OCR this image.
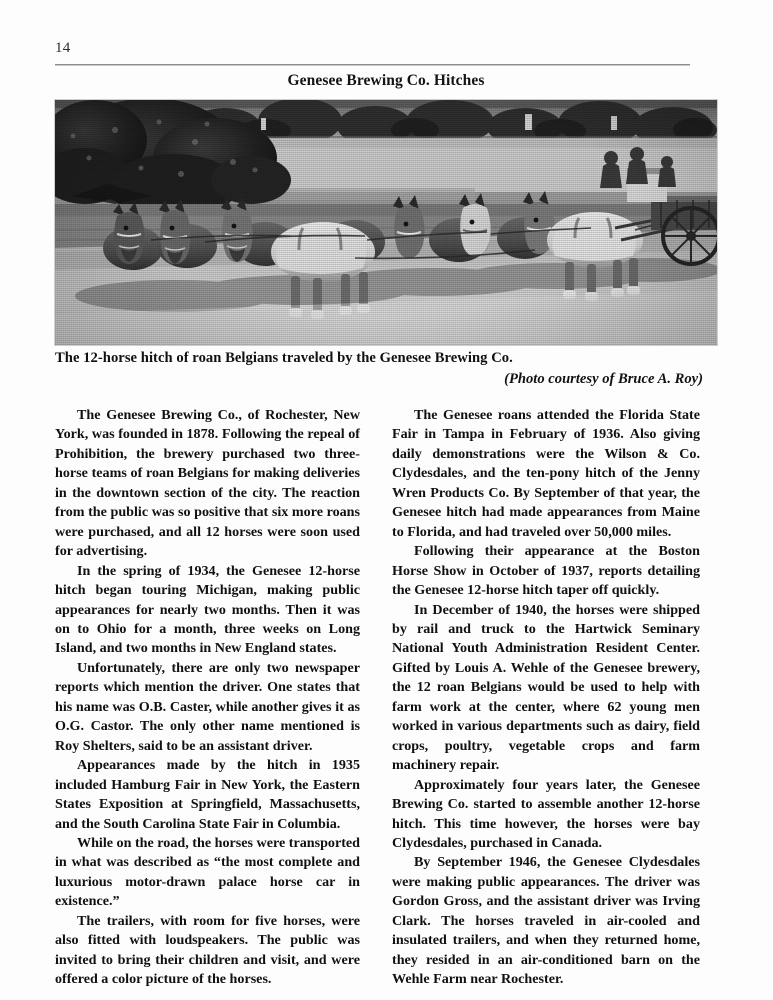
14
Genesee Brewing Co. Hitches
The 12-horse hitch of roan Belgians traveled by the Genesee Brewing Co.
(Photo courtesy of Bruce A. Roy)

The Genesee Brewing Co., of Rochester, New York, was founded in 1878. Following the repeal of Prohibition, the brewery purchased two three-horse teams of roan Belgians for making deliveries in the downtown section of the city. The reaction from the public was so positive that six more roans were purchased, and all 12 horses were soon used for advertising.

In the spring of 1934, the Genesee 12-horse hitch began touring Michigan, making public appearances for nearly two months. Then it was on to Ohio for a month, three weeks on Long Island, and two months in New England states.

Unfortunately, there are only two newspaper reports which mention the driver. One states that his name was O.B. Caster, while another gives it as O.G. Castor. The only other name mentioned is Roy Shelters, said to be an assistant driver.

Appearances made by the hitch in 1935 included Hamburg Fair in New York, the Eastern States Exposition at Springfield, Massachusetts, and the South Carolina State Fair in Columbia.

While on the road, the horses were transported in what was described as “the most complete and luxurious motor-drawn palace horse car in existence.”

The trailers, with room for five horses, were also fitted with loudspeakers. The public was invited to bring their children and visit, and were offered a color picture of the horses.

The Genesee roans attended the Florida State Fair in Tampa in February of 1936. Also giving daily demonstrations were the Wilson & Co. Clydesdales, and the ten-pony hitch of the Jenny Wren Products Co. By September of that year, the Genesee hitch had made appearances from Maine to Florida, and had traveled over 50,000 miles.

Following their appearance at the Boston Horse Show in October of 1937, reports detailing the Genesee 12-horse hitch taper off quickly.

In December of 1940, the horses were shipped by rail and truck to the Hartwick Seminary National Youth Administration Resident Center. Gifted by Louis A. Wehle of the Genesee brewery, the 12 roan Belgians would be used to help with farm work at the center, where 62 young men worked in various departments such as dairy, field crops, poultry, vegetable crops and farm machinery repair.

Approximately four years later, the Genesee Brewing Co. started to assemble another 12-horse hitch. This time however, the horses were bay Clydesdales, purchased in Canada.

By September 1946, the Genesee Clydesdales were making public appearances. The driver was Gordon Gross, and the assistant driver was Irving Clark. The horses traveled in air-cooled and insulated trailers, and when they returned home, they resided in an air-conditioned barn on the Wehle Farm near Rochester.
